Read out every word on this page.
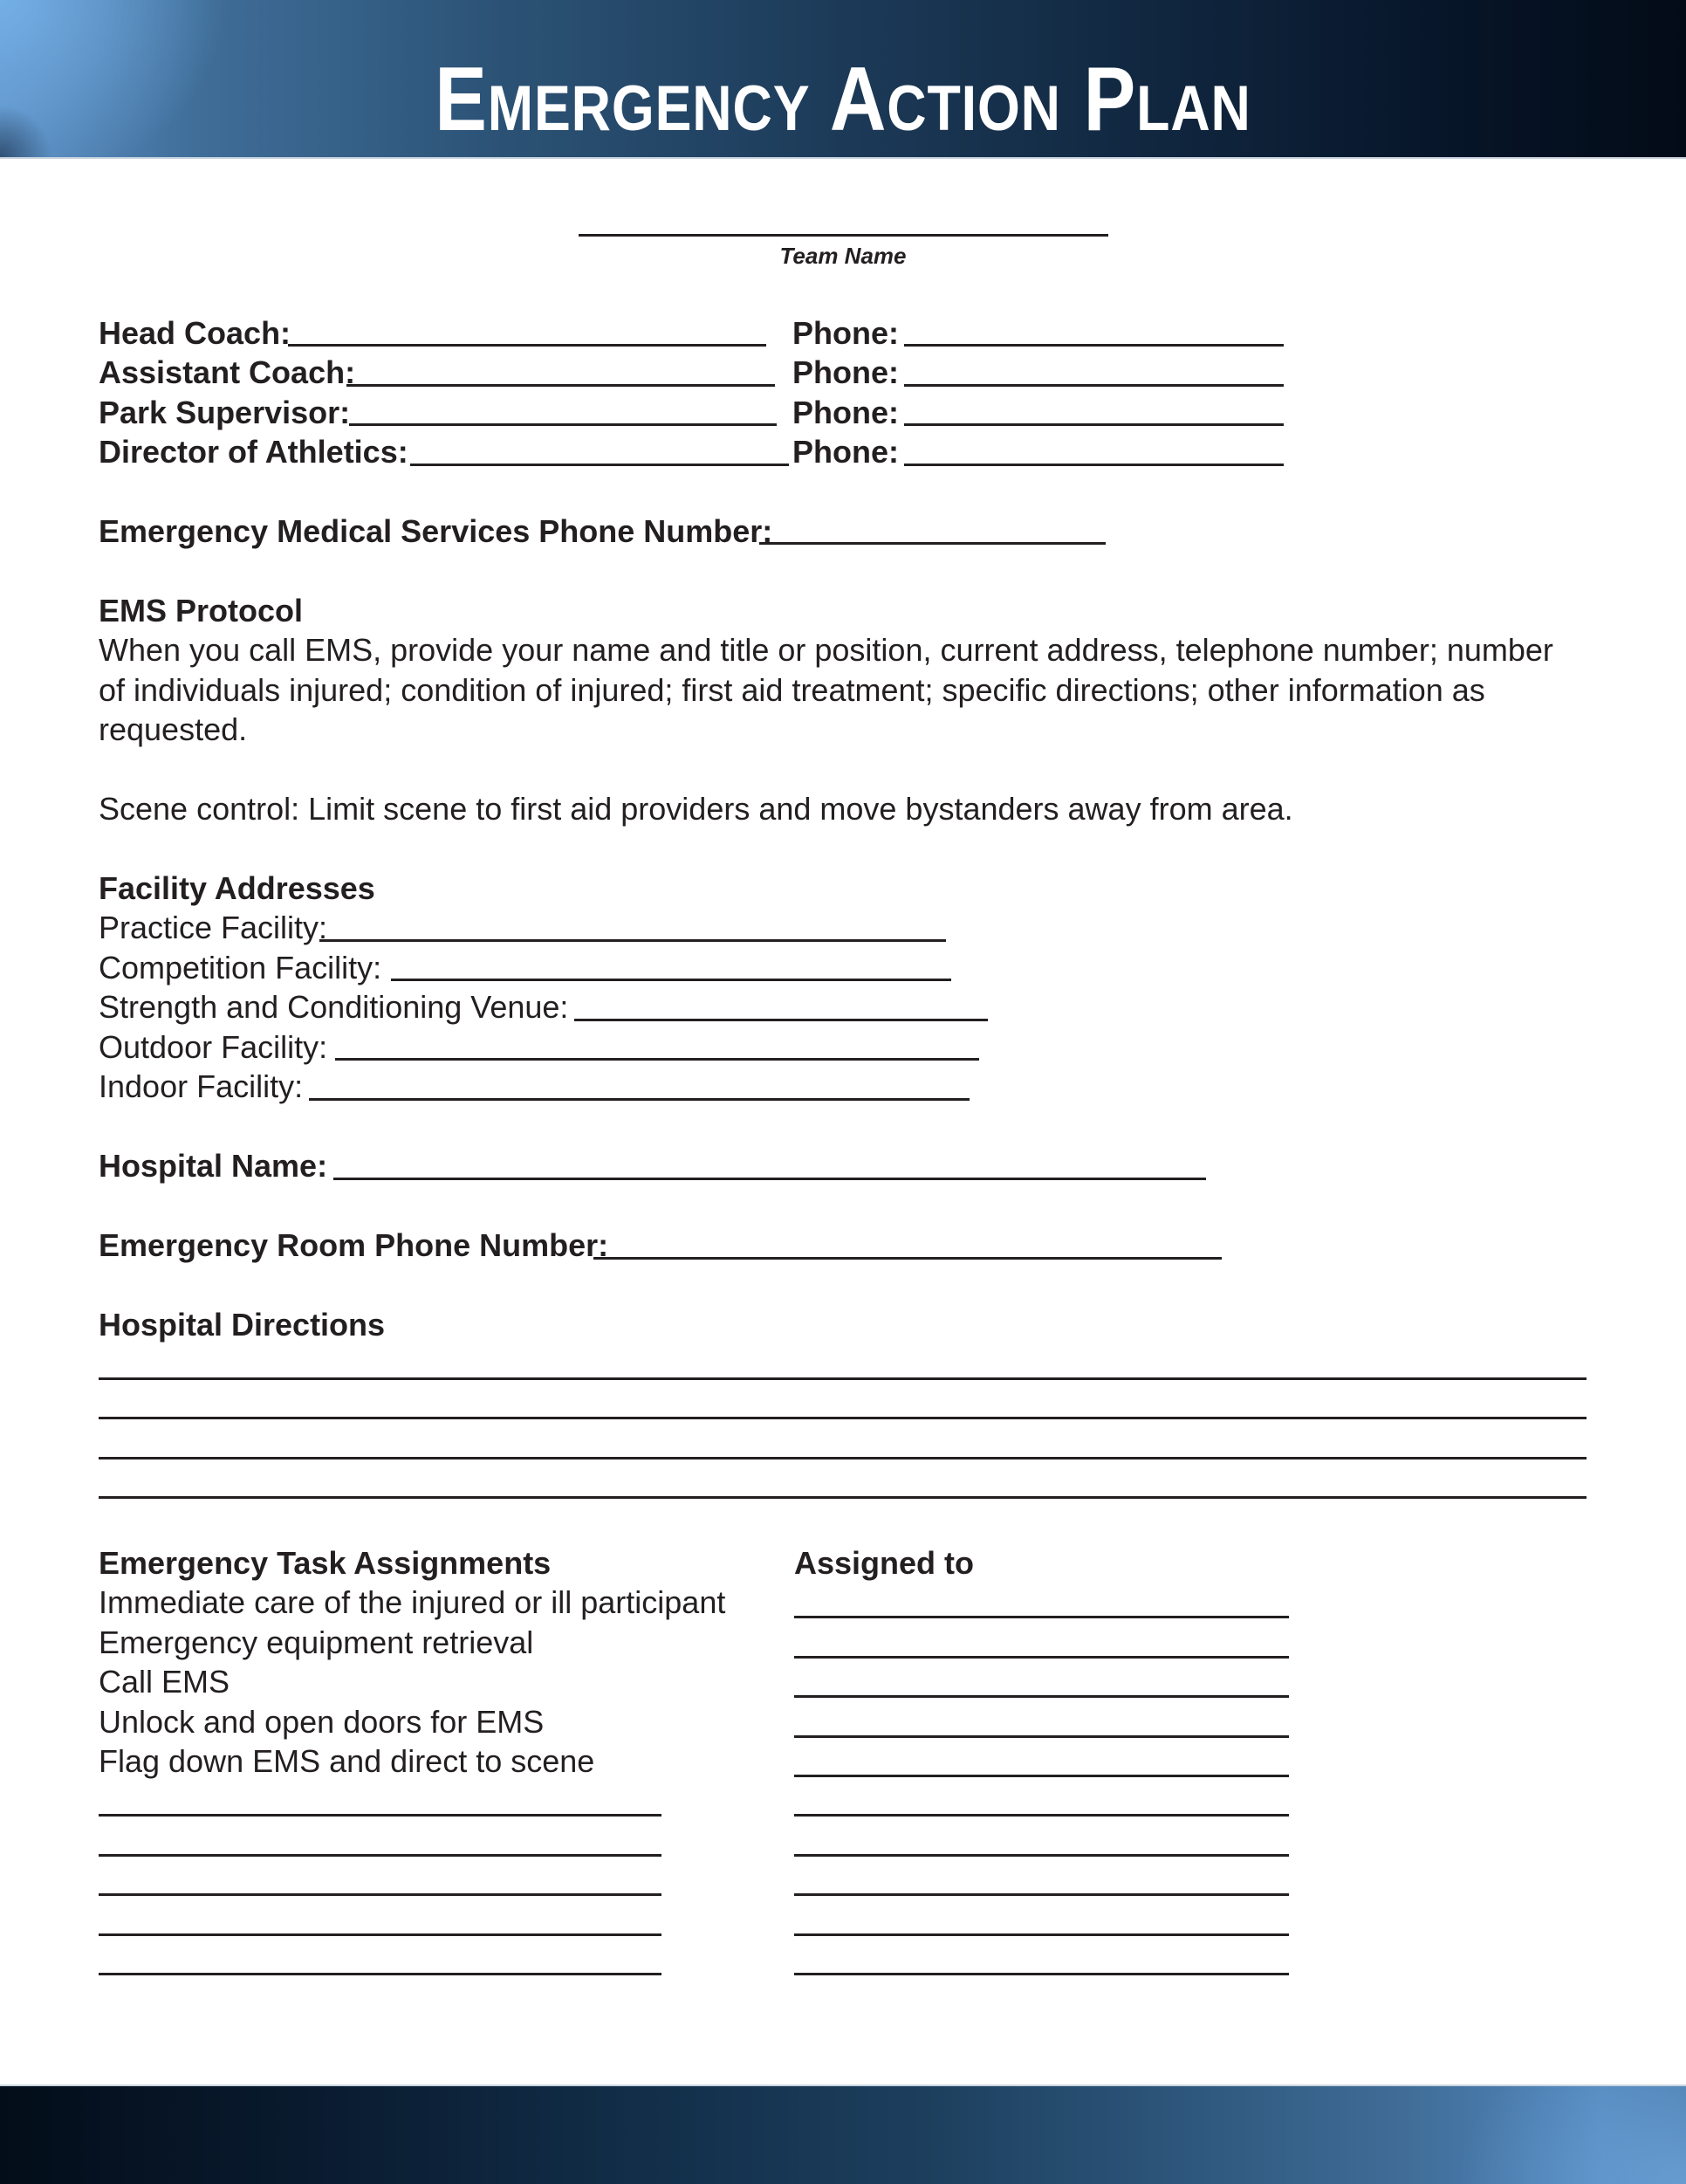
Emergency Action Plan
Team Name
Head Coach:	Phone:
Assistant Coach:	Phone:
Park Supervisor:	Phone:
Director of Athletics:	Phone:
Emergency Medical Services Phone Number:
EMS Protocol
When you call EMS, provide your name and title or position, current address, telephone number; number
of individuals injured; condition of injured; first aid treatment; specific directions; other information as
requested.
Scene control: Limit scene to first aid providers and move bystanders away from area.
Facility Addresses
Practice Facility:
Competition Facility:
Strength and Conditioning Venue:
Outdoor Facility:
Indoor Facility:
Hospital Name:
Emergency Room Phone Number:
Hospital Directions
Emergency Task Assignments	Assigned to
Immediate care of the injured or ill participant
Emergency equipment retrieval
Call EMS
Unlock and open doors for EMS
Flag down EMS and direct to scene
